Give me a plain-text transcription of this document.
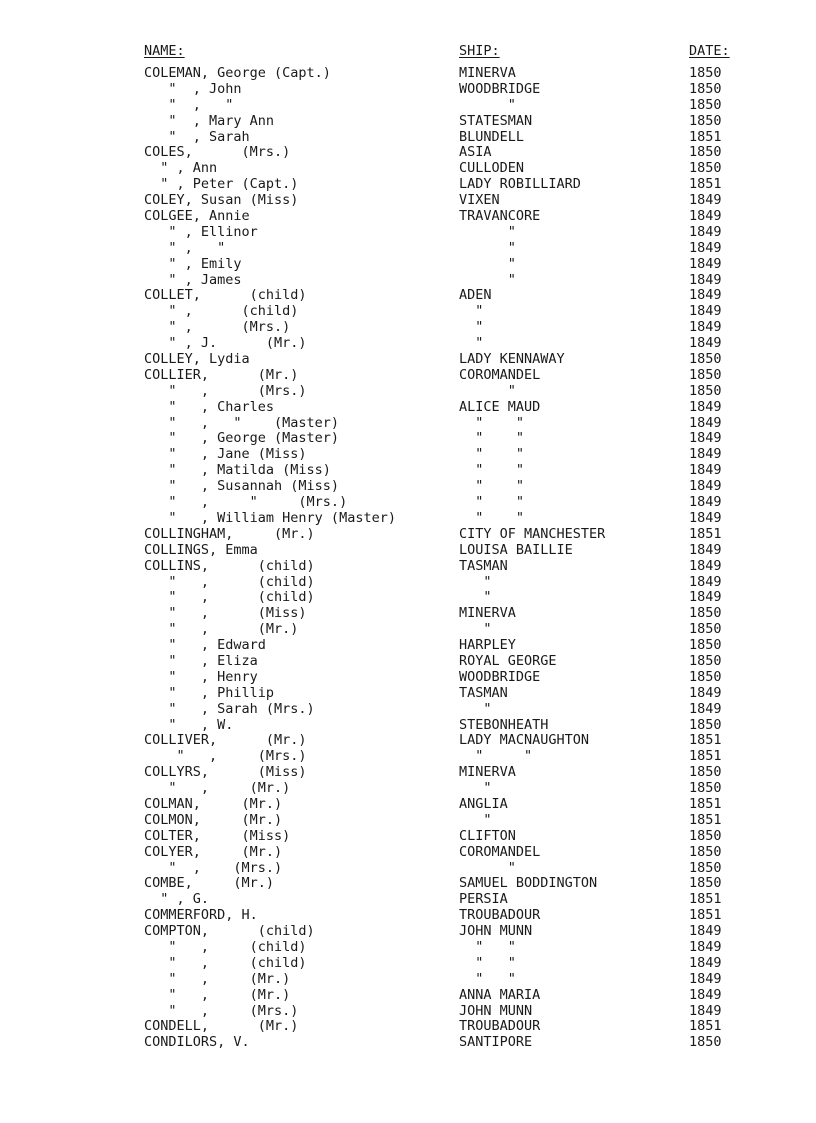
NAME:	SHIP:	DATE:
COLEMAN, George (Capt.)	MINERVA	1850
"  , John	WOODBRIDGE	1850
"  ,   "	"	1850
"  , Mary Ann	STATESMAN	1850
"  , Sarah	BLUNDELL	1851
COLES,      (Mrs.)	ASIA	1850
" , Ann	CULLODEN	1850
" , Peter (Capt.)	LADY ROBILLIARD	1851
COLEY, Susan (Miss)	VIXEN	1849
COLGEE, Annie	TRAVANCORE	1849
" , Ellinor	"	1849
" ,   "	"	1849
" , Emily	"	1849
" , James	"	1849
COLLET,      (child)	ADEN	1849
" ,      (child)	"	1849
" ,      (Mrs.)	"	1849
" , J.      (Mr.)	"	1849
COLLEY, Lydia	LADY KENNAWAY	1850
COLLIER,      (Mr.)	COROMANDEL	1850
"   ,      (Mrs.)	"	1850
"   , Charles	ALICE MAUD	1849
"   ,   "    (Master)	"    "	1849
"   , George (Master)	"    "	1849
"   , Jane (Miss)	"    "	1849
"   , Matilda (Miss)	"    "	1849
"   , Susannah (Miss)	"    "	1849
"   ,     "     (Mrs.)	"    "	1849
"   , William Henry (Master)	"    "	1849
COLLINGHAM,     (Mr.)	CITY OF MANCHESTER	1851
COLLINGS, Emma	LOUISA BAILLIE	1849
COLLINS,      (child)	TASMAN	1849
"   ,      (child)	"	1849
"   ,      (child)	"	1849
"   ,      (Miss)	MINERVA	1850
"   ,      (Mr.)	"	1850
"   , Edward	HARPLEY	1850
"   , Eliza	ROYAL GEORGE	1850
"   , Henry	WOODBRIDGE	1850
"   , Phillip	TASMAN	1849
"   , Sarah (Mrs.)	"	1849
"   , W.	STEBONHEATH	1850
COLLIVER,      (Mr.)	LADY MACNAUGHTON	1851
"   ,     (Mrs.)	"     "	1851
COLLYRS,      (Miss)	MINERVA	1850
"   ,     (Mr.)	"	1850
COLMAN,     (Mr.)	ANGLIA	1851
COLMON,     (Mr.)	"	1851
COLTER,     (Miss)	CLIFTON	1850
COLYER,     (Mr.)	COROMANDEL	1850
"  ,    (Mrs.)	"	1850
COMBE,     (Mr.)	SAMUEL BODDINGTON	1850
" , G.	PERSIA	1851
COMMERFORD, H.	TROUBADOUR	1851
COMPTON,      (child)	JOHN MUNN	1849
"   ,     (child)	"   "	1849
"   ,     (child)	"   "	1849
"   ,     (Mr.)	"   "	1849
"   ,     (Mr.)	ANNA MARIA	1849
"   ,     (Mrs.)	JOHN MUNN	1849
CONDELL,      (Mr.)	TROUBADOUR	1851
CONDILORS, V.	SANTIPORE	1850
